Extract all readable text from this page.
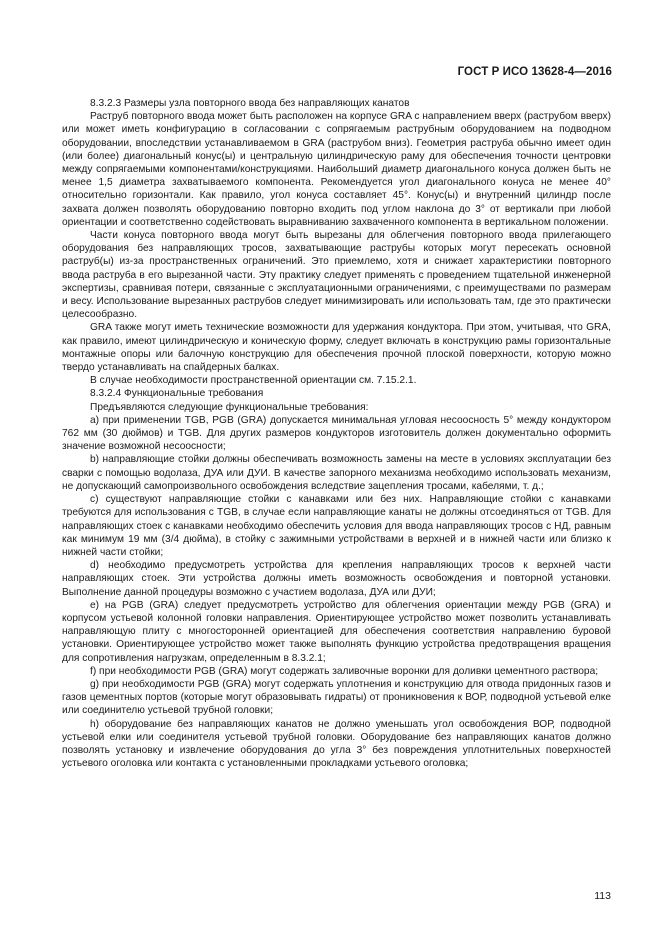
ГОСТ Р ИСО 13628-4—2016

8.3.2.3 Размеры узла повторного ввода без направляющих канатов

Раструб повторного ввода может быть расположен на корпусе GRA с направлением вверх (раструбом вверх) или может иметь конфигурацию в согласовании с сопрягаемым раструбным оборудованием на подводном оборудовании, впоследствии устанавливаемом в GRA (раструбом вниз). Геометрия раструба обычно имеет один (или более) диагональный конус(ы) и центральную цилиндрическую раму для обеспечения точности центровки между сопрягаемыми компонентами/конструкциями. Наибольший диаметр диагонального конуса должен быть не менее 1,5 диаметра захватываемого компонента. Рекомендуется угол диагонального конуса не менее 40° относительно горизонтали. Как правило, угол конуса составляет 45°. Конус(ы) и внутренний цилиндр после захвата должен позволять оборудованию повторно входить под углом наклона до 3° от вертикали при любой ориентации и соответственно содействовать выравниванию захваченного компонента в вертикальном положении.

Части конуса повторного ввода могут быть вырезаны для облегчения повторного ввода прилегающего оборудования без направляющих тросов, захватывающие раструбы которых могут пересекать основной раструб(ы) из-за пространственных ограничений. Это приемлемо, хотя и снижает характеристики повторного ввода раструба в его вырезанной части. Эту практику следует применять с проведением тщательной инженерной экспертизы, сравнивая потери, связанные с эксплуатационными ограничениями, с преимуществами по размерам и весу. Использование вырезанных раструбов следует минимизировать или использовать там, где это практически целесообразно.

GRA также могут иметь технические возможности для удержания кондуктора. При этом, учитывая, что GRA, как правило, имеют цилиндрическую и коническую форму, следует включать в конструкцию рамы горизонтальные монтажные опоры или балочную конструкцию для обеспечения прочной плоской поверхности, которую можно твердо устанавливать на спайдерных балках.

В случае необходимости пространственной ориентации см. 7.15.2.1.

8.3.2.4 Функциональные требования

Предъявляются следующие функциональные требования:

a) при применении TGB, PGB (GRA) допускается минимальная угловая несоосность 5° между кондуктором 762 мм (30 дюймов) и TGB. Для других размеров кондукторов изготовитель должен документально оформить значение возможной несоосности;

b) направляющие стойки должны обеспечивать возможность замены на месте в условиях эксплуатации без сварки с помощью водолаза, ДУА или ДУИ. В качестве запорного механизма необходимо использовать механизм, не допускающий самопроизвольного освобождения вследствие зацепления тросами, кабелями, т. д.;

c) существуют направляющие стойки с канавками или без них. Направляющие стойки с канавками требуются для использования с TGB, в случае если направляющие канаты не должны отсоединяться от TGB. Для направляющих стоек с канавками необходимо обеспечить условия для ввода направляющих тросов с НД, равным как минимум 19 мм (3/4 дюйма), в стойку с зажимными устройствами в верхней и в нижней части или близко к нижней части стойки;

d) необходимо предусмотреть устройства для крепления направляющих тросов к верхней части направляющих стоек. Эти устройства должны иметь возможность освобождения и повторной установки. Выполнение данной процедуры возможно с участием водолаза, ДУА или ДУИ;

e) на PGB (GRA) следует предусмотреть устройство для облегчения ориентации между PGB (GRA) и корпусом устьевой колонной головки направления. Ориентирующее устройство может позволить устанавливать направляющую плиту с многосторонней ориентацией для обеспечения соответствия направлению буровой установки. Ориентирующее устройство может также выполнять функцию устройства предотвращения вращения для сопротивления нагрузкам, определенным в 8.3.2.1;

f) при необходимости PGB (GRA) могут содержать заливочные воронки для доливки цементного раствора;

g) при необходимости PGB (GRA) могут содержать уплотнения и конструкцию для отвода придонных газов и газов цементных портов (которые могут образовывать гидраты) от проникновения к ВОР, подводной устьевой елке или соединителю устьевой трубной головки;

h) оборудование без направляющих канатов не должно уменьшать угол освобождения ВОР, подводной устьевой елки или соединителя устьевой трубной головки. Оборудование без направляющих канатов должно позволять установку и извлечение оборудования до угла 3° без повреждения уплотнительных поверхностей устьевого оголовка или контакта с установленными прокладками устьевого оголовка;

113
